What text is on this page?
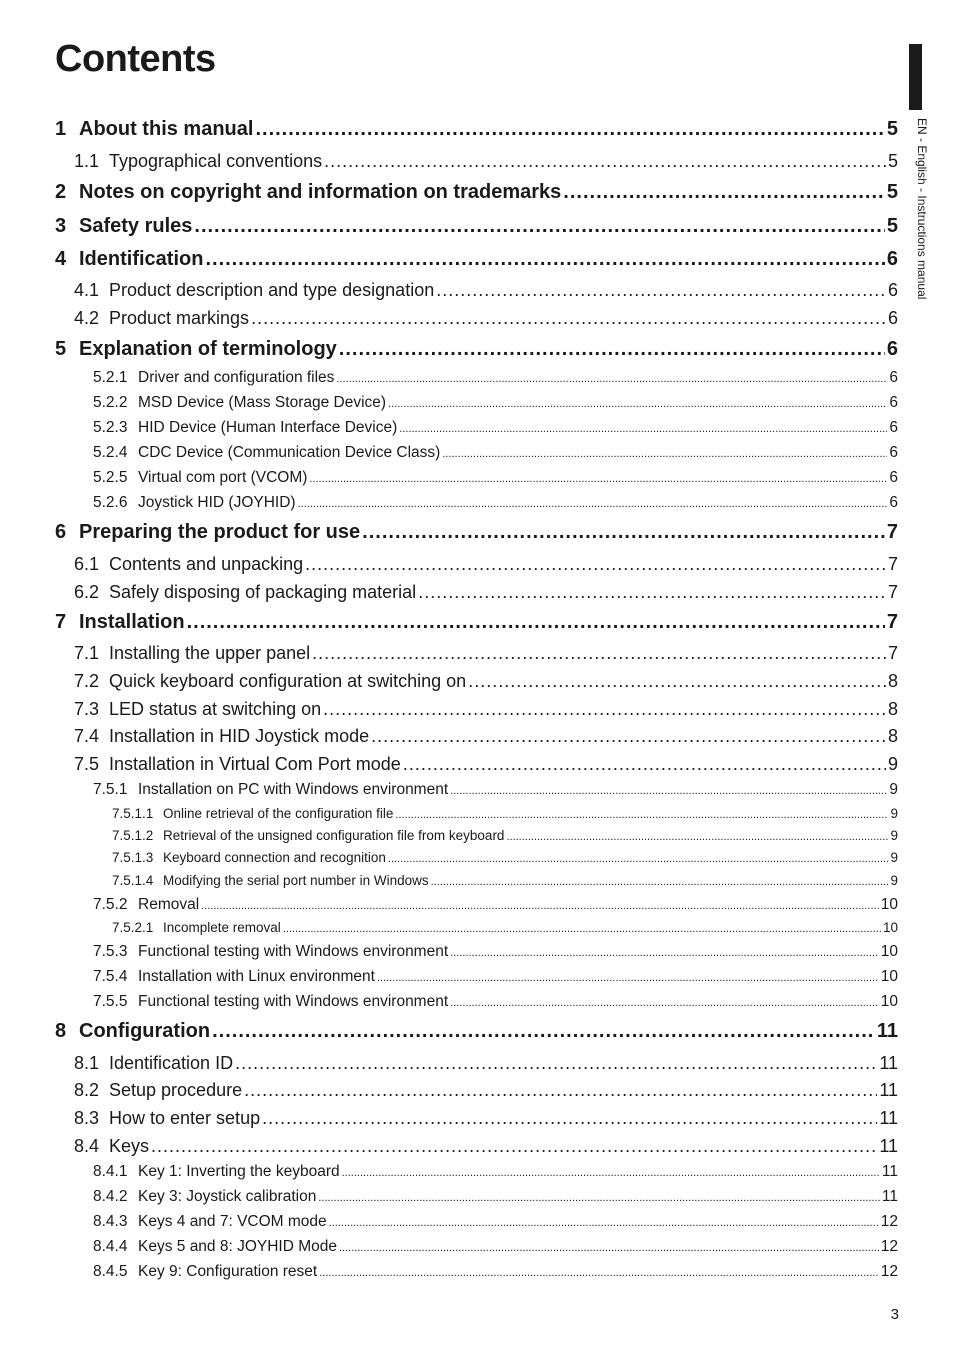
Contents
EN - English - Instructions manual
1 About this manual .....	5
1.1 Typographical conventions .....	5
2 Notes on copyright and information on trademarks .....	5
3 Safety rules .....	5
4 Identification .....	6
4.1 Product description and type designation .....	6
4.2 Product markings .....	6
5 Explanation of terminology .....	6
5.2.1 Driver and configuration files .....	6
5.2.2 MSD Device (Mass Storage Device) .....	6
5.2.3 HID Device (Human Interface Device) .....	6
5.2.4 CDC Device (Communication Device Class) .....	6
5.2.5 Virtual com port (VCOM) .....	6
5.2.6 Joystick HID (JOYHID) .....	6
6 Preparing the product for use .....	7
6.1 Contents and unpacking .....	7
6.2 Safely disposing of packaging material .....	7
7 Installation .....	7
7.1 Installing the upper panel .....	7
7.2 Quick keyboard configuration at switching on .....	8
7.3 LED status at switching on .....	8
7.4 Installation in HID Joystick mode .....	8
7.5 Installation in Virtual Com Port mode .....	9
7.5.1 Installation on PC with Windows environment .....	9
7.5.1.1 Online retrieval of the configuration file .....	9
7.5.1.2 Retrieval of the unsigned configuration file from keyboard .....	9
7.5.1.3 Keyboard connection and recognition .....	9
7.5.1.4 Modifying the serial port number in Windows .....	9
7.5.2 Removal .....	10
7.5.2.1 Incomplete removal .....	10
7.5.3 Functional testing with Windows environment .....	10
7.5.4 Installation with Linux environment .....	10
7.5.5 Functional testing with Windows environment .....	10
8 Configuration .....	11
8.1 Identification ID .....	11
8.2 Setup procedure .....	11
8.3 How to enter setup .....	11
8.4 Keys .....	11
8.4.1 Key 1: Inverting the keyboard .....	11
8.4.2 Key 3: Joystick calibration .....	11
8.4.3 Keys 4 and 7: VCOM mode .....	12
8.4.4 Keys 5 and 8: JOYHID Mode .....	12
8.4.5 Key 9: Configuration reset .....	12
3
